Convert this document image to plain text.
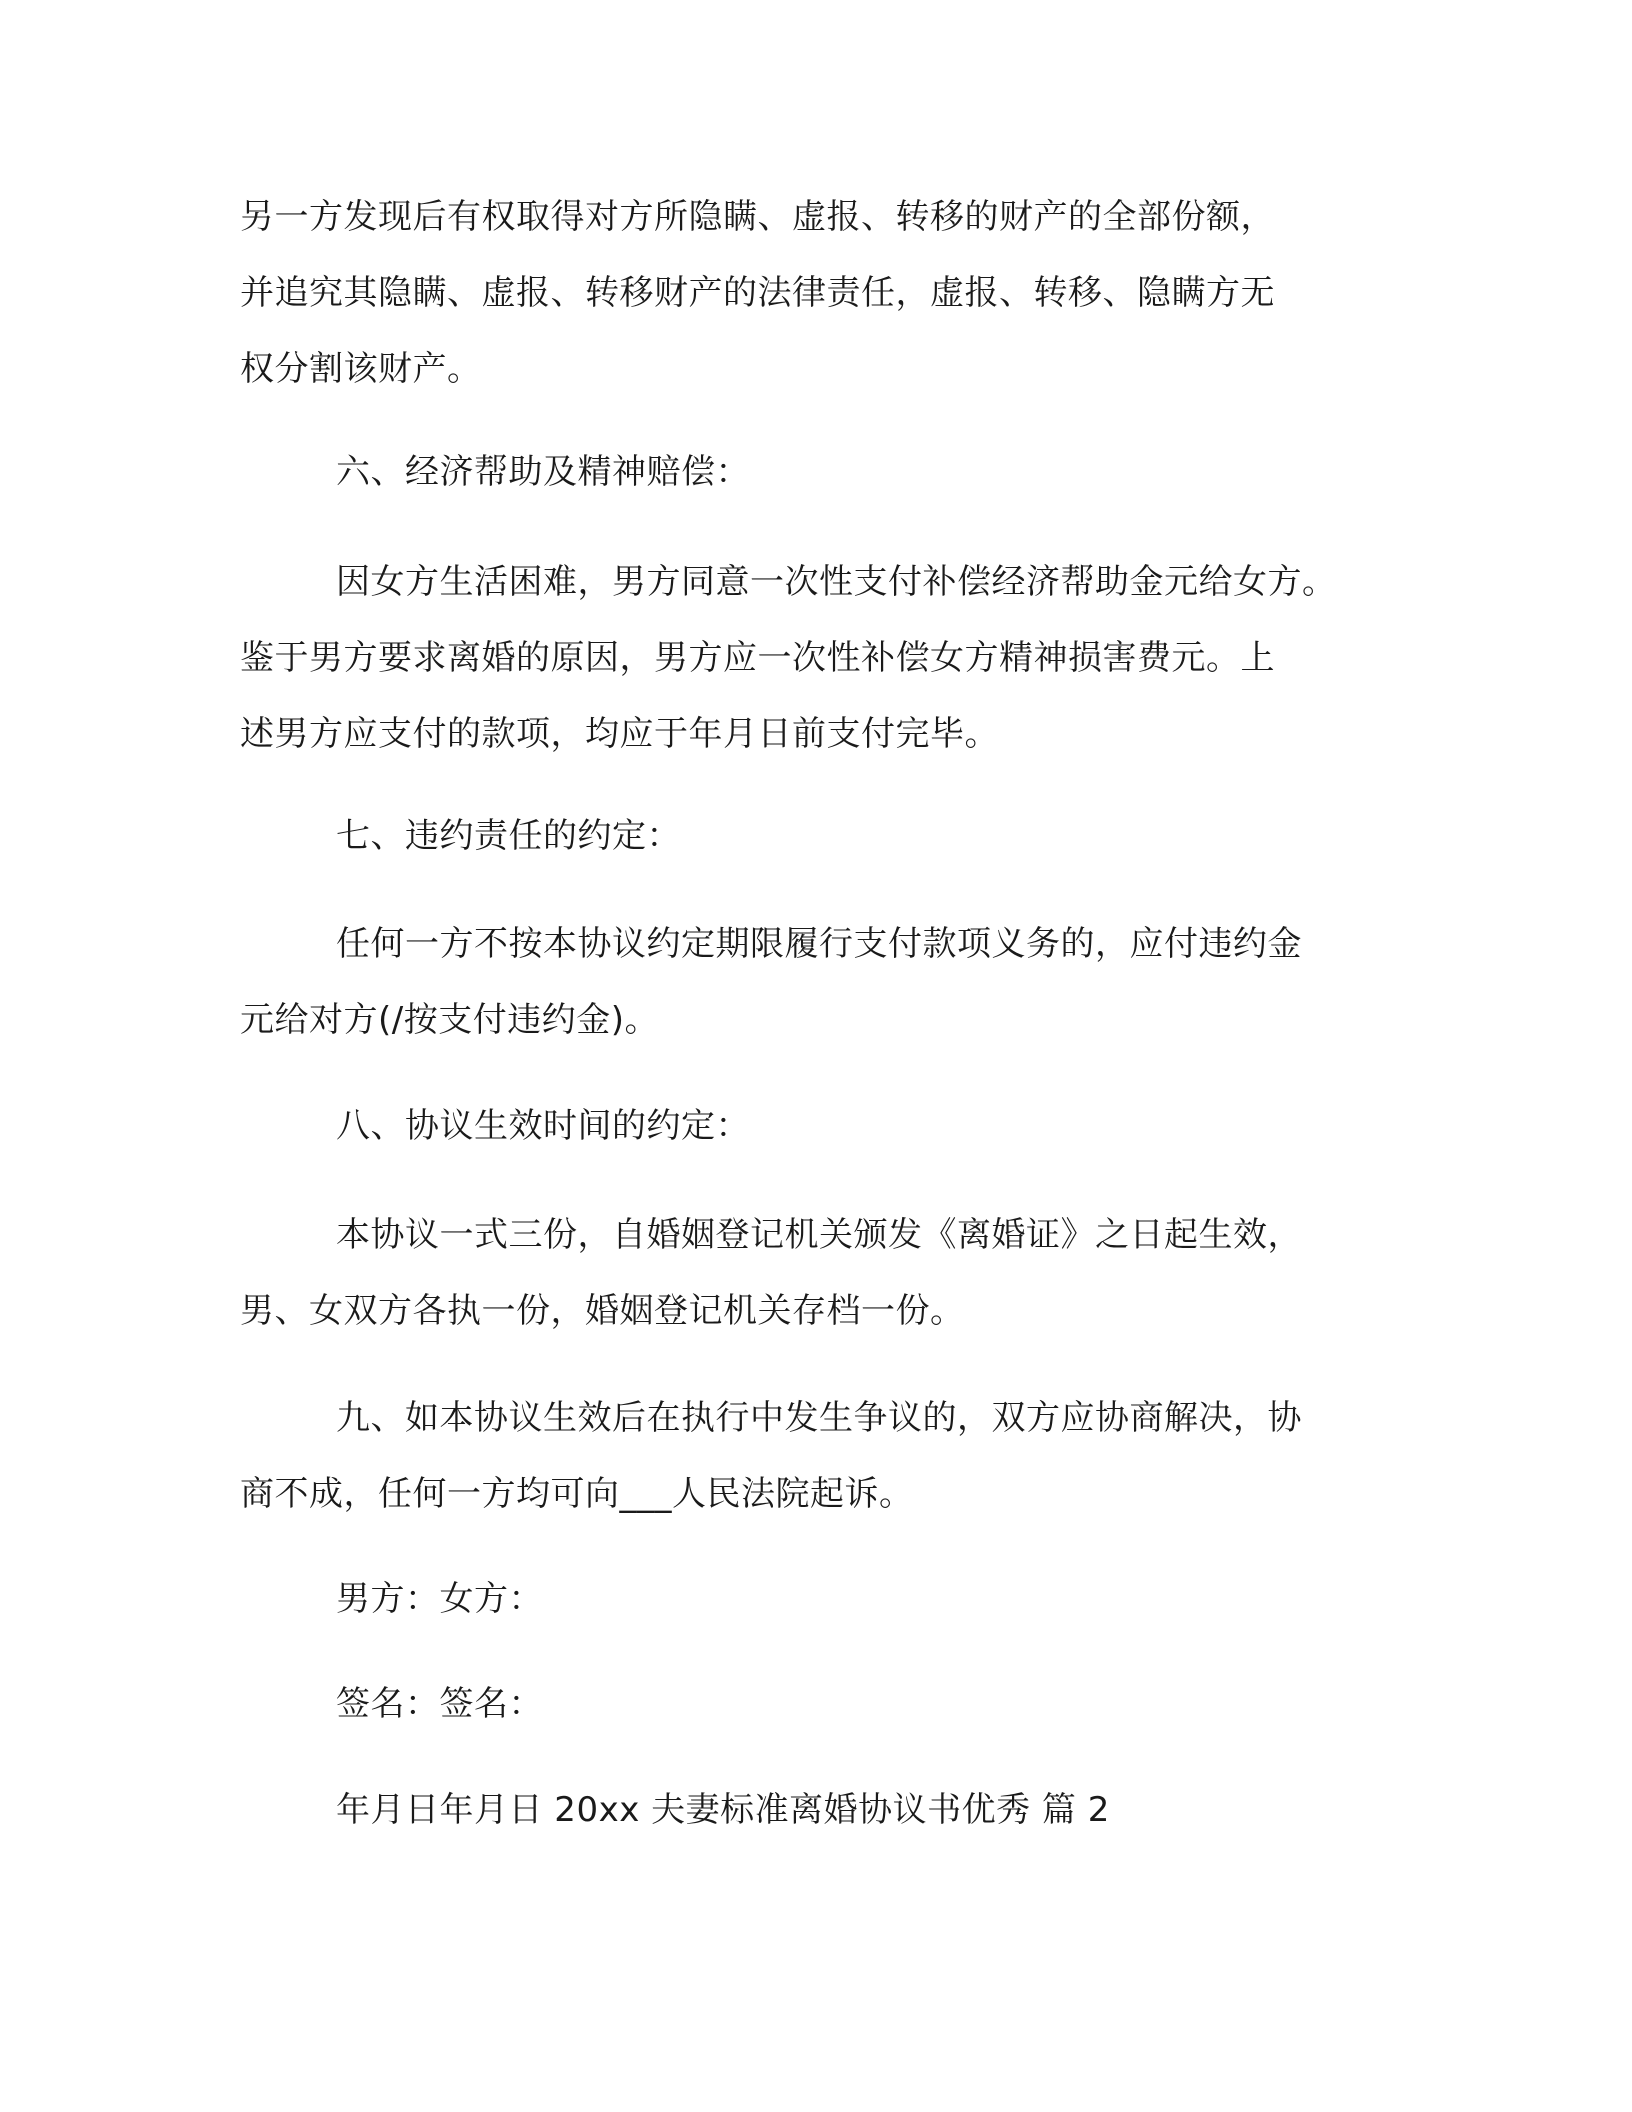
另一方发现后有权取得对方所隐瞒、虚报、转移的财产的全部份额，
并追究其隐瞒、虚报、转移财产的法律责任，虚报、转移、隐瞒方无
权分割该财产。
六、经济帮助及精神赔偿：
因女方生活困难，男方同意一次性支付补偿经济帮助金元给女方。
鉴于男方要求离婚的原因，男方应一次性补偿女方精神损害费元。上
述男方应支付的款项，均应于年月日前支付完毕。
七、违约责任的约定：
任何一方不按本协议约定期限履行支付款项义务的，应付违约金
元给对方(/按支付违约金)。
八、协议生效时间的约定：
本协议一式三份，自婚姻登记机关颁发《离婚证》之日起生效，
男、女双方各执一份，婚姻登记机关存档一份。
九、如本协议生效后在执行中发生争议的，双方应协商解决，协
商不成，任何一方均可向___人民法院起诉。
男方：女方：
签名：签名：
年月日年月日 20xx 夫妻标准离婚协议书优秀 篇 2
